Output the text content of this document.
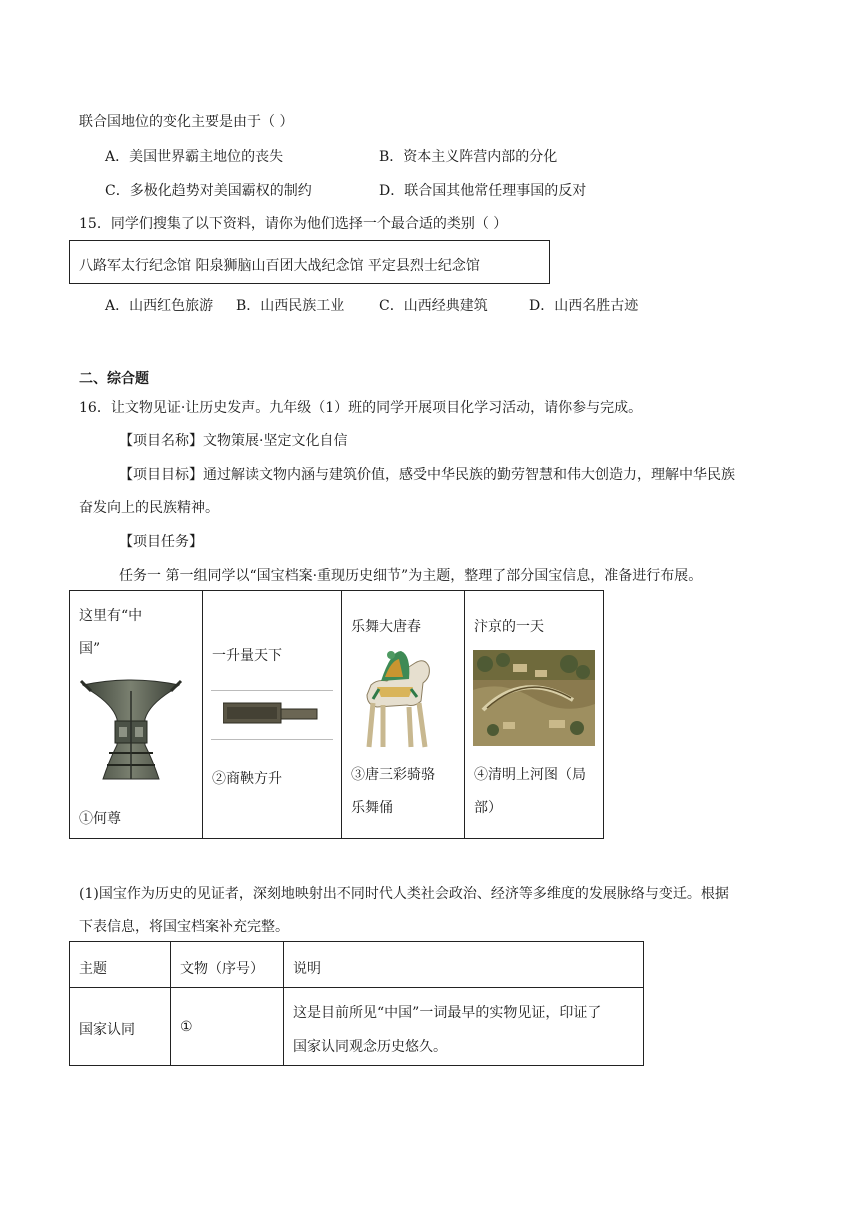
联合国地位的变化主要是由于（ ）
A．美国世界霸主地位的丧失	B．资本主义阵营内部的分化
C．多极化趋势对美国霸权的制约	D．联合国其他常任理事国的反对
15．同学们搜集了以下资料，请你为他们选择一个最合适的类别（ ）
八路军太行纪念馆 阳泉狮脑山百团大战纪念馆 平定县烈士纪念馆
A．山西红色旅游 B．山西民族工业 C．山西经典建筑	D．山西名胜古迹
二、综合题
16．让文物见证·让历史发声。九年级（1）班的同学开展项目化学习活动，请你参与完成。
【项目名称】文物策展·坚定文化自信
【项目目标】通过解读文物内涵与建筑价值，感受中华民族的勤劳智慧和伟大创造力，理解中华民族
奋发向上的民族精神。
【项目任务】
任务一 第一组同学以“国宝档案·重现历史细节”为主题，整理了部分国宝信息，准备进行布展。
这里有“中
国”
①何尊

一升量天下
②商鞅方升

乐舞大唐春
③唐三彩骑骆
乐舞俑

汴京的一天
④清明上河图（局
部）
(1)国宝作为历史的见证者，深刻地映射出不同时代人类社会政治、经济等多维度的发展脉络与变迁。根据
下表信息，将国宝档案补充完整。
主题	文物（序号）	说明

国家认同	①	这是目前所见“中国”一词最早的实物见证，印证了
国家认同观念历史悠久。
